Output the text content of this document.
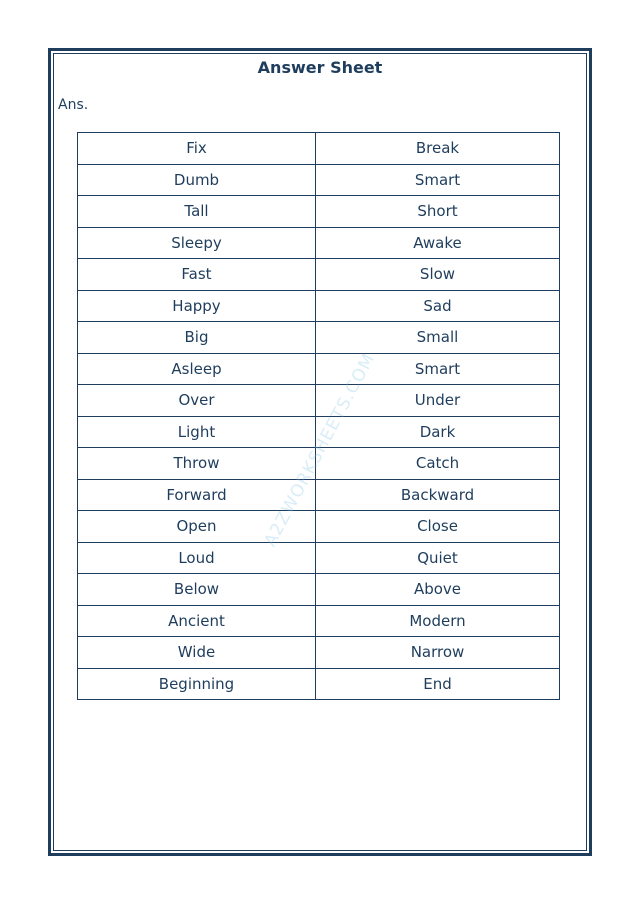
Answer Sheet
Ans.
Fix	Break
Dumb	Smart
Tall	Short
Sleepy	Awake
Fast	Slow
Happy	Sad
Big	Small
Asleep	Smart
Over	Under
Light	Dark
Throw	Catch
Forward	Backward
Open	Close
Loud	Quiet
Below	Above
Ancient	Modern
Wide	Narrow
Beginning	End
A2ZWORKSHEETS.COM
